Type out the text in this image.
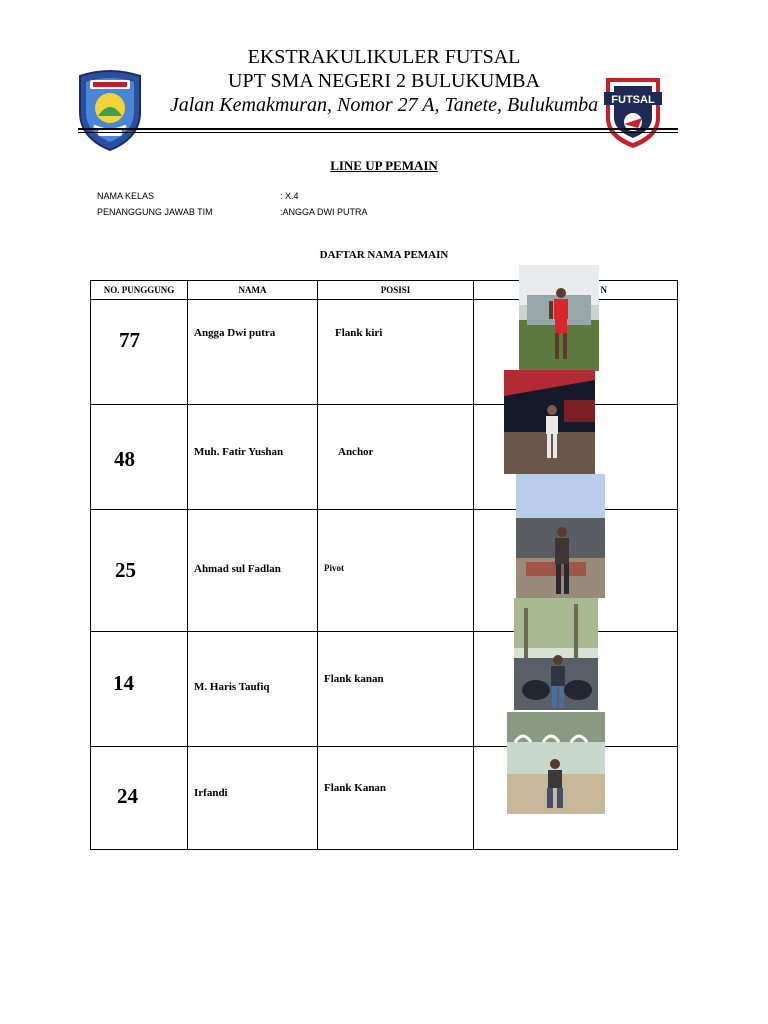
EKSTRAKULIKULER FUTSAL
UPT SMA NEGERI 2 BULUKUMBA
Jalan Kemakmuran, Nomor 27 A, Tanete, Bulukumba	FUTSAL
LINE UP PEMAIN
NAMA KELAS	: X.4
PENANGGUNG JAWAB TIM	:ANGGA DWI PUTRA
DAFTAR NAMA PEMAIN
NO. PUNGGUNG	NAMA	POSISI	N

77	Angga Dwi putra	Flank kiri	

48	Muh. Fatir Yushan	Anchor	

25	Ahmad sul Fadlan	Pivot	

14	M. Haris Taufiq	Flank kanan	

24	Irfandi	Flank Kanan	
